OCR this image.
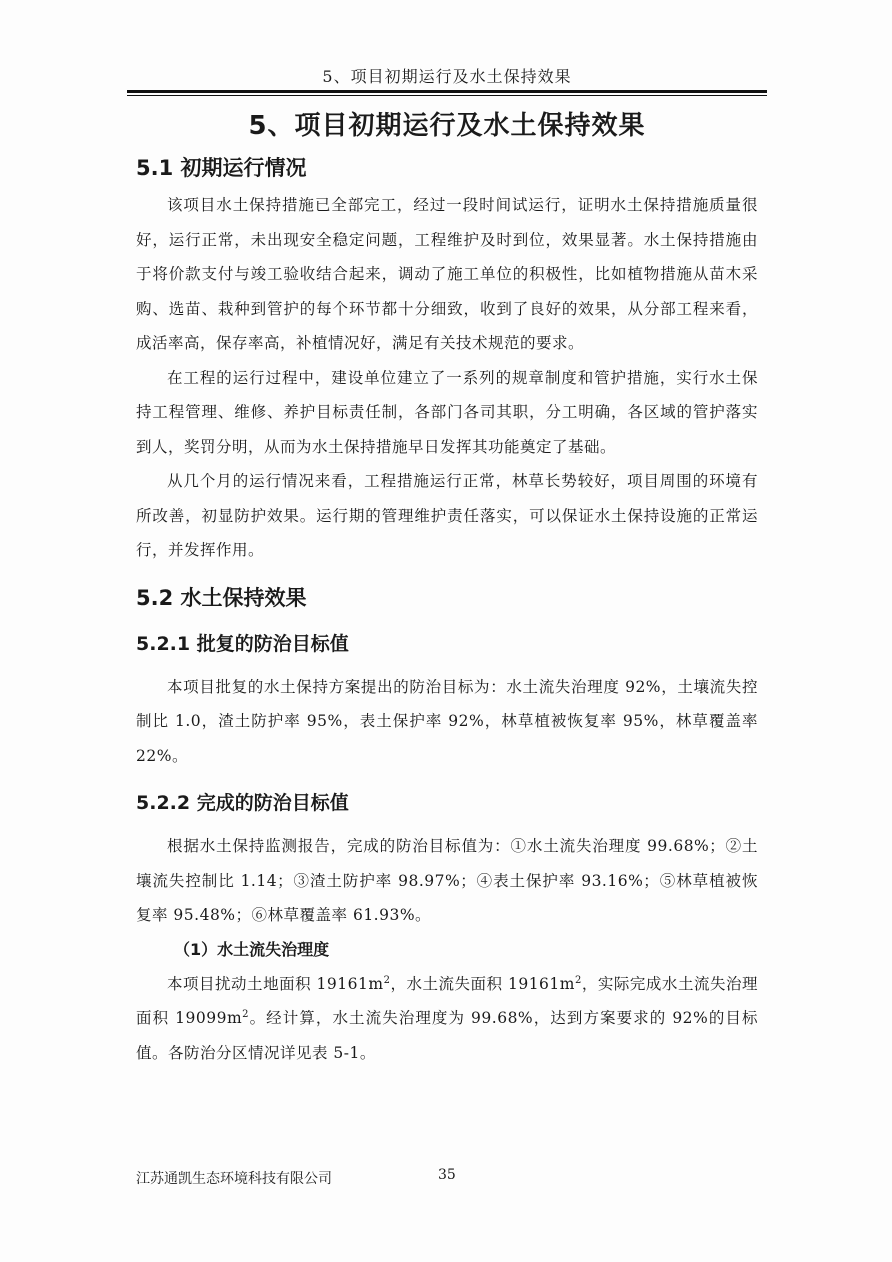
5、项目初期运行及水土保持效果
5、项目初期运行及水土保持效果
5.1 初期运行情况

该项目水土保持措施已全部完工，经过一段时间试运行，证明水土保持措施质量很好，运行正常，未出现安全稳定问题，工程维护及时到位，效果显著。水土保持措施由于将价款支付与竣工验收结合起来，调动了施工单位的积极性，比如植物措施从苗木采购、选苗、栽种到管护的每个环节都十分细致，收到了良好的效果，从分部工程来看，成活率高，保存率高，补植情况好，满足有关技术规范的要求。

在工程的运行过程中，建设单位建立了一系列的规章制度和管护措施，实行水土保持工程管理、维修、养护目标责任制，各部门各司其职，分工明确，各区域的管护落实到人，奖罚分明，从而为水土保持措施早日发挥其功能奠定了基础。

从几个月的运行情况来看，工程措施运行正常，林草长势较好，项目周围的环境有所改善，初显防护效果。运行期的管理维护责任落实，可以保证水土保持设施的正常运行，并发挥作用。

5.2 水土保持效果
5.2.1 批复的防治目标值

本项目批复的水土保持方案提出的防治目标为：水土流失治理度 92%，土壤流失控制比 1.0，渣土防护率 95%，表土保护率 92%，林草植被恢复率 95%，林草覆盖率 22%。

5.2.2 完成的防治目标值

根据水土保持监测报告，完成的防治目标值为：①水土流失治理度 99.68%；②土壤流失控制比 1.14；③渣土防护率 98.97%；④表土保护率 93.16%；⑤林草植被恢复率 95.48%；⑥林草覆盖率 61.93%。

（1）水土流失治理度

本项目扰动土地面积 $19161m^2$，水土流失面积 $19161m^2$，实际完成水土流失治理面积 $19099m^2$。经计算，水土流失治理度为 99.68%，达到方案要求的 92%的目标值。各防治分区情况详见表 5-1。

江苏通凯生态环境科技有限公司	35
